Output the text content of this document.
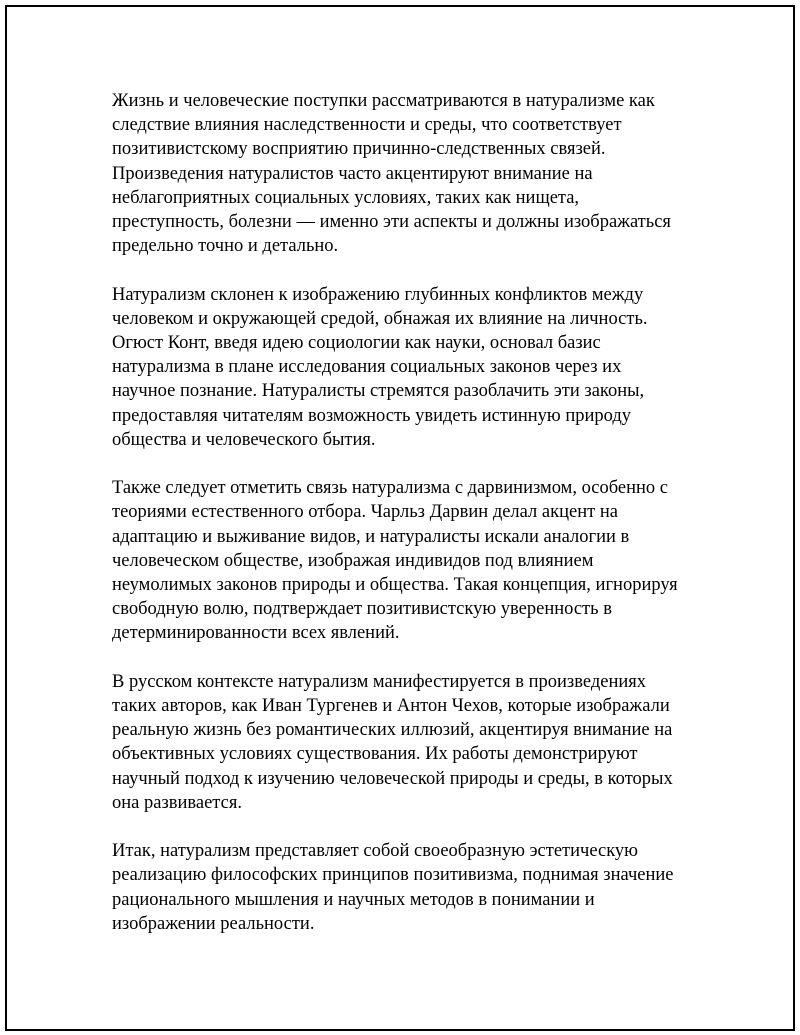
Жизнь и человеческие поступки рассматриваются в натурализме как
следствие влияния наследственности и среды, что соответствует
позитивистскому восприятию причинно-следственных связей.
Произведения натуралистов часто акцентируют внимание на
неблагоприятных социальных условиях, таких как нищета,
преступность, болезни — именно эти аспекты и должны изображаться
предельно точно и детально.

Натурализм склонен к изображению глубинных конфликтов между
человеком и окружающей средой, обнажая их влияние на личность.
Огюст Конт, введя идею социологии как науки, основал базис
натурализма в плане исследования социальных законов через их
научное познание. Натуралисты стремятся разоблачить эти законы,
предоставляя читателям возможность увидеть истинную природу
общества и человеческого бытия.

Также следует отметить связь натурализма с дарвинизмом, особенно с
теориями естественного отбора. Чарльз Дарвин делал акцент на
адаптацию и выживание видов, и натуралисты искали аналогии в
человеческом обществе, изображая индивидов под влиянием
неумолимых законов природы и общества. Такая концепция, игнорируя
свободную волю, подтверждает позитивистскую уверенность в
детерминированности всех явлений.

В русском контексте натурализм манифестируется в произведениях
таких авторов, как Иван Тургенев и Антон Чехов, которые изображали
реальную жизнь без романтических иллюзий, акцентируя внимание на
объективных условиях существования. Их работы демонстрируют
научный подход к изучению человеческой природы и среды, в которых
она развивается.

Итак, натурализм представляет собой своеобразную эстетическую
реализацию философских принципов позитивизма, поднимая значение
рационального мышления и научных методов в понимании и
изображении реальности.
